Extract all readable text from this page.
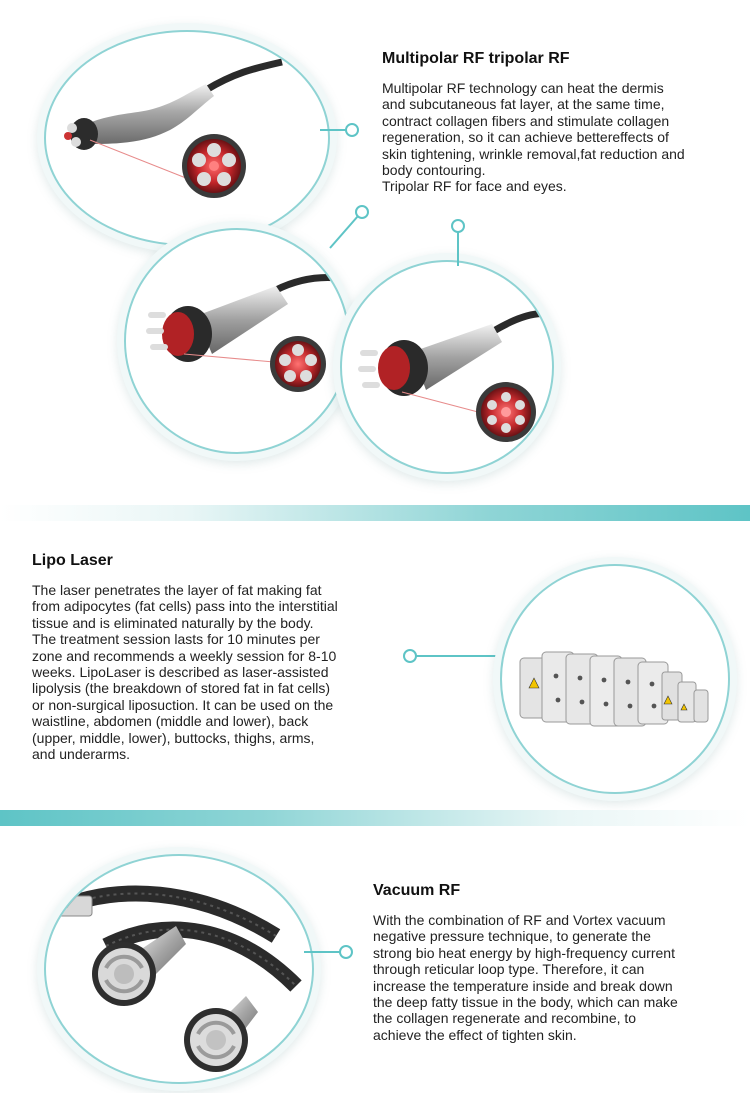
Multipolar RF tripolar RF

Multipolar RF technology can heat the dermis
and subcutaneous fat layer, at the same time,
contract collagen fibers and stimulate collagen
regeneration, so it can achieve bettereffects of
skin tightening, wrinkle removal,fat reduction and
body contouring.
Tripolar RF for face and eyes.

Lipo Laser

The laser penetrates the layer of fat making fat
from adipocytes (fat cells) pass into the interstitial
tissue and is eliminated naturally by the body.
The treatment session lasts for 10 minutes per
zone and recommends a weekly session for 8-10
weeks. LipoLaser is described as laser-assisted
lipolysis (the breakdown of stored fat in fat cells)
or non-surgical liposuction. It can be used on the
waistline, abdomen (middle and lower), back
(upper, middle, lower), buttocks, thighs, arms,
and underarms.

Vacuum RF

With the combination of RF and Vortex vacuum
negative pressure technique, to generate the
strong bio heat energy by high-frequency current
through reticular loop type. Therefore, it can
increase the temperature inside and break down
the deep fatty tissue in the body, which can make
the collagen regenerate and recombine, to
achieve the effect of tighten skin.
